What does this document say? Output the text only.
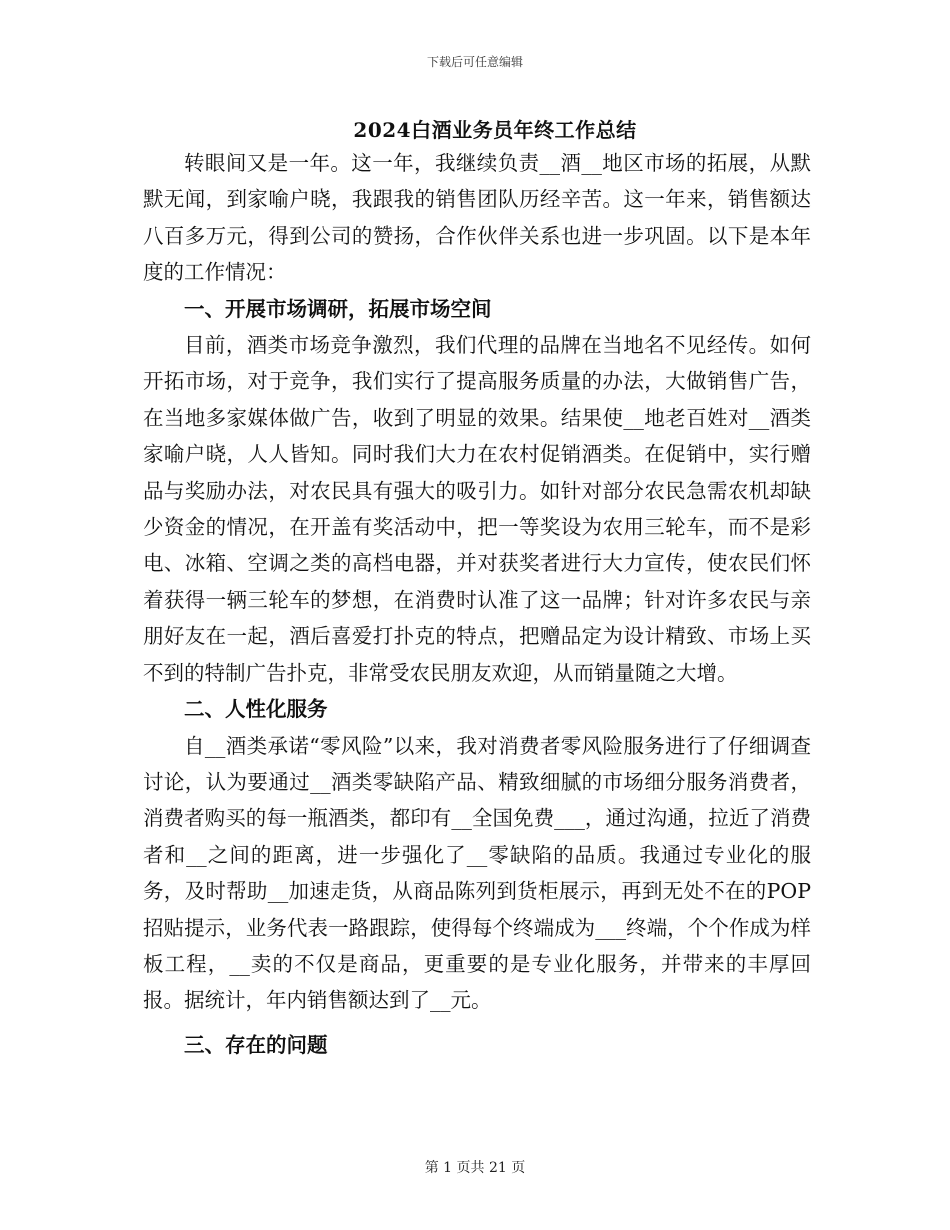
下载后可任意编辑
2024白酒业务员年终工作总结

转眼间又是一年。这一年，我继续负责__酒__地区市场的拓展，从默默无闻，到家喻户晓，我跟我的销售团队历经辛苦。这一年来，销售额达八百多万元，得到公司的赞扬，合作伙伴关系也进一步巩固。以下是本年度的工作情况：

一、开展市场调研，拓展市场空间

目前，酒类市场竞争激烈，我们代理的品牌在当地名不见经传。如何开拓市场，对于竞争，我们实行了提高服务质量的办法，大做销售广告，在当地多家媒体做广告，收到了明显的效果。结果使__地老百姓对__酒类家喻户晓，人人皆知。同时我们大力在农村促销酒类。在促销中，实行赠品与奖励办法，对农民具有强大的吸引力。如针对部分农民急需农机却缺少资金的情况，在开盖有奖活动中，把一等奖设为农用三轮车，而不是彩电、冰箱、空调之类的高档电器，并对获奖者进行大力宣传，使农民们怀着获得一辆三轮车的梦想，在消费时认准了这一品牌；针对许多农民与亲朋好友在一起，酒后喜爱打扑克的特点，把赠品定为设计精致、市场上买不到的特制广告扑克，非常受农民朋友欢迎，从而销量随之大增。

二、人性化服务

自__酒类承诺“零风险”以来，我对消费者零风险服务进行了仔细调查讨论，认为要通过__酒类零缺陷产品、精致细腻的市场细分服务消费者，消费者购买的每一瓶酒类，都印有__全国免费___，通过沟通，拉近了消费者和__之间的距离，进一步强化了__零缺陷的品质。我通过专业化的服务，及时帮助__加速走货，从商品陈列到货柜展示，再到无处不在的POP招贴提示，业务代表一路跟踪，使得每个终端成为___终端，个个作成为样板工程，__卖的不仅是商品，更重要的是专业化服务，并带来的丰厚回报。据统计，年内销售额达到了__元。

三、存在的问题
第 1 页共 21 页
